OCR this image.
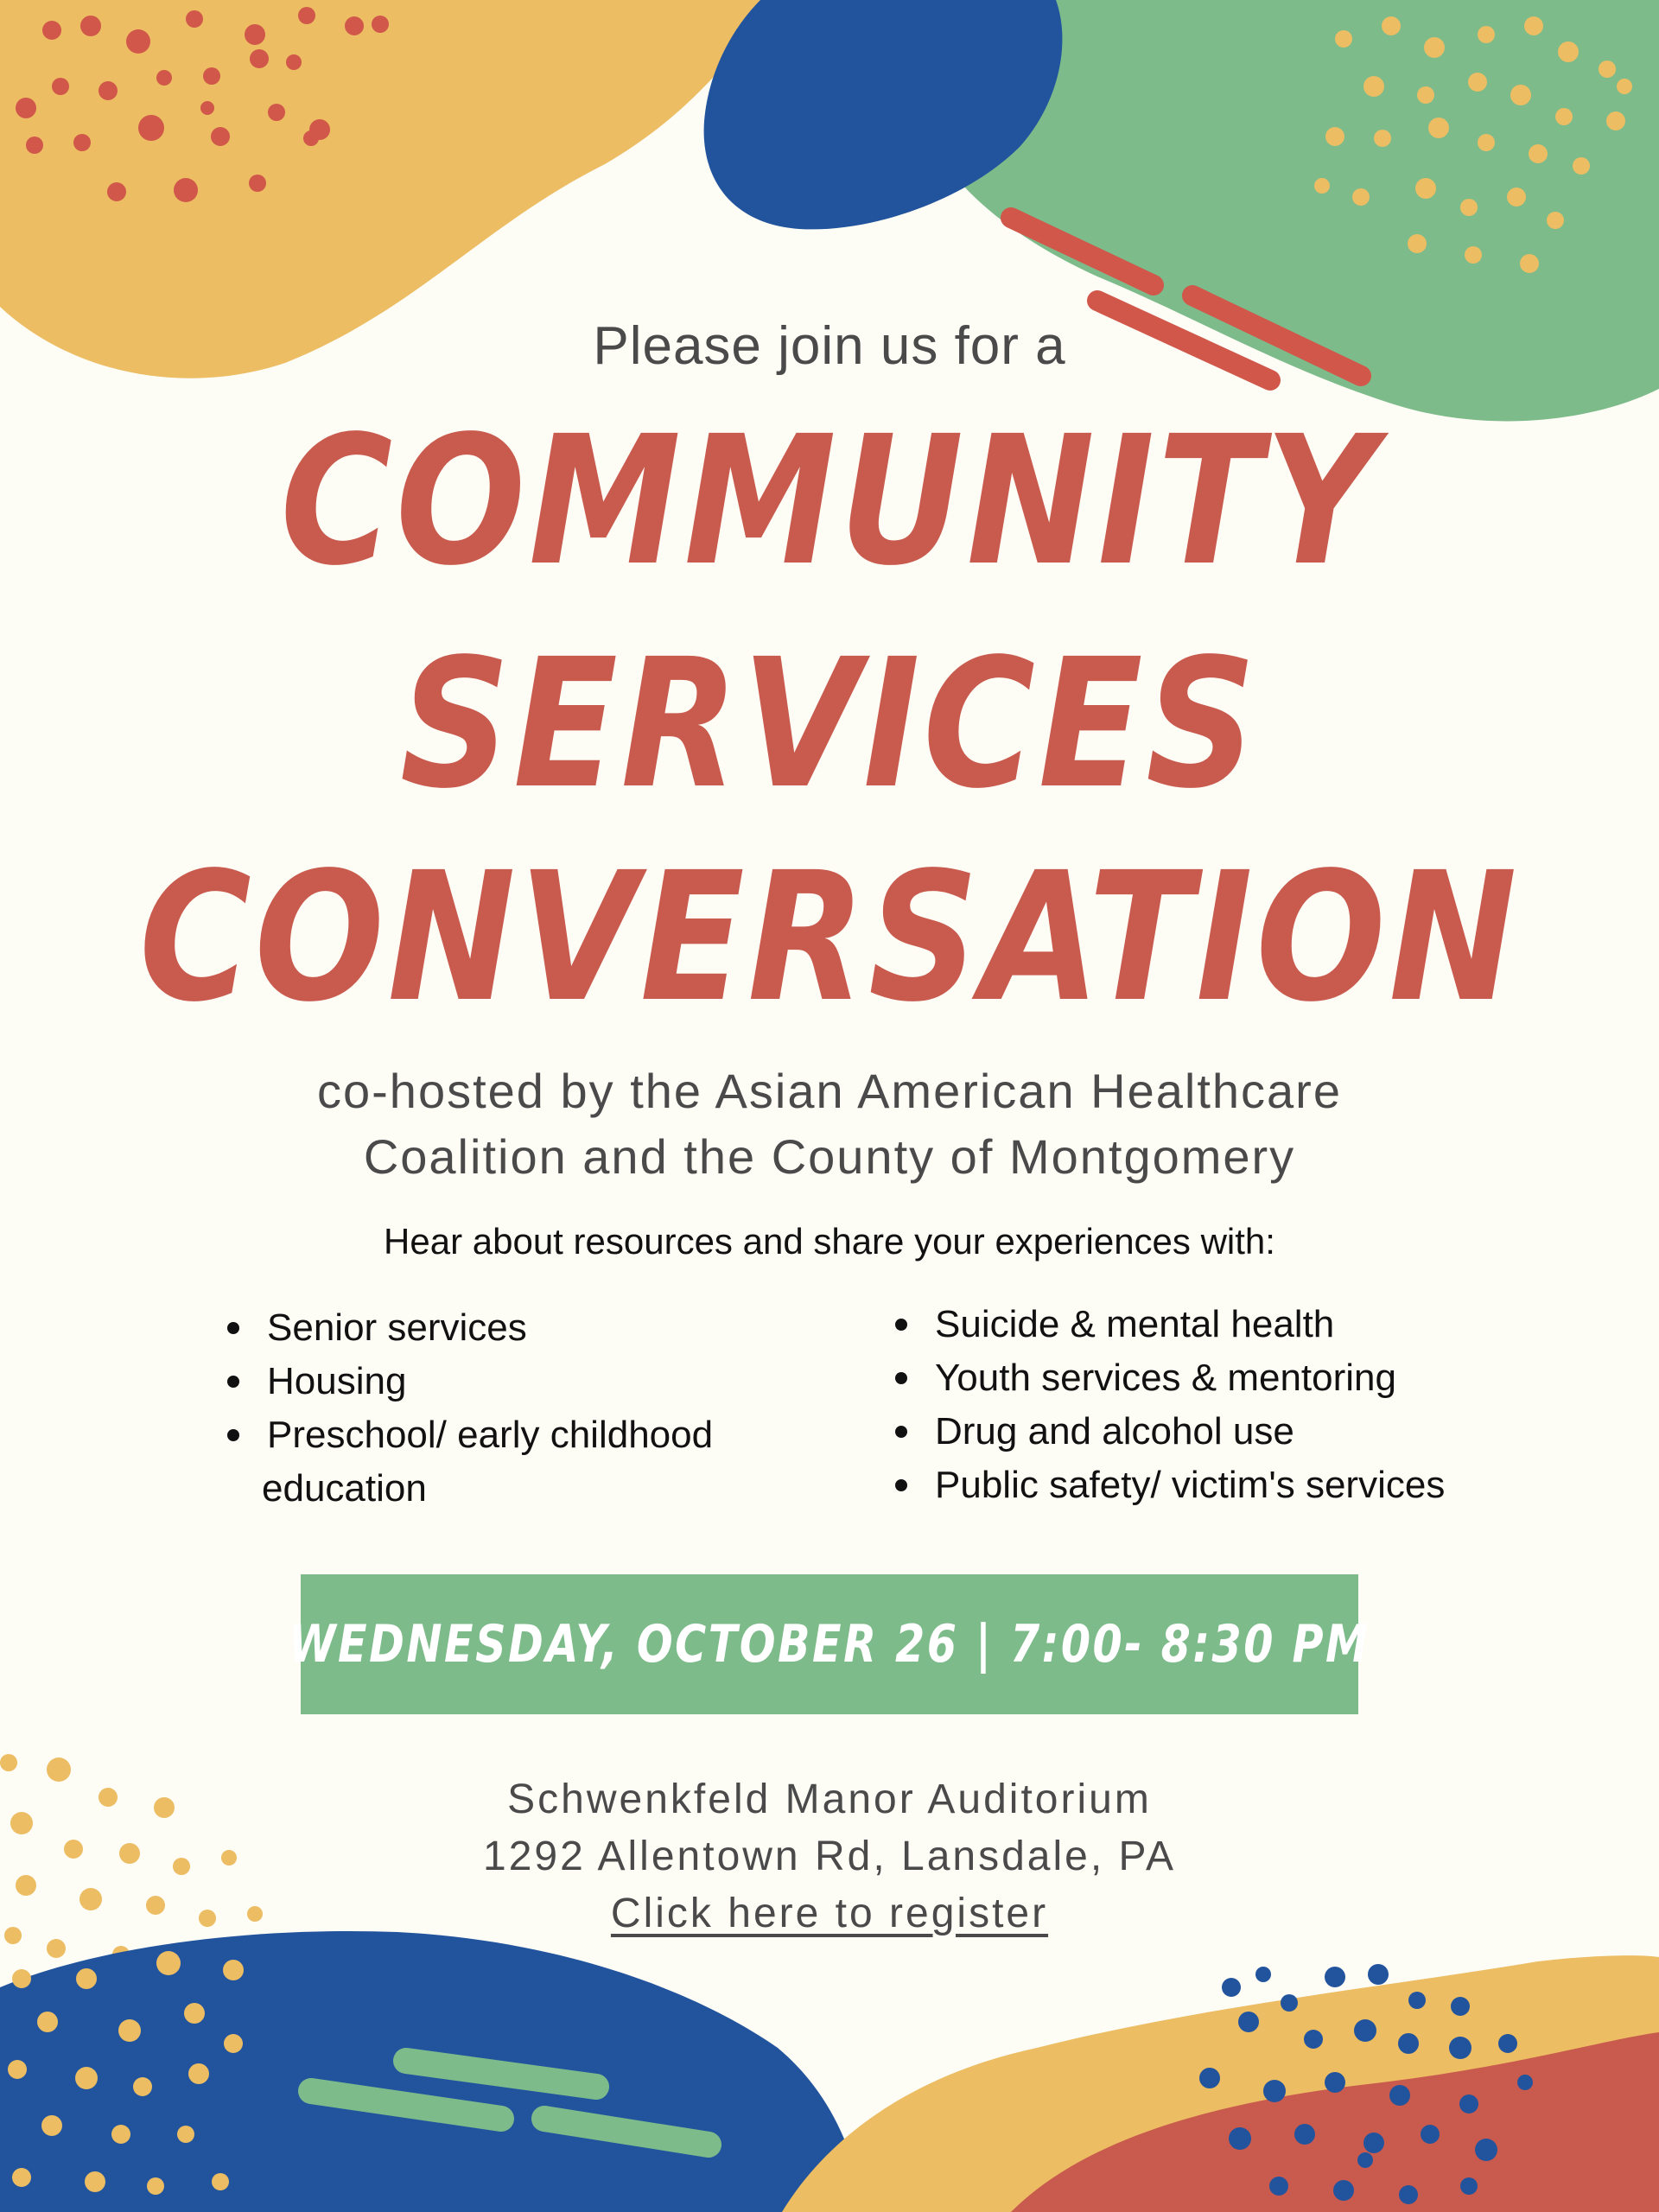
Please join us for a
COMMUNITY
SERVICES
CONVERSATION
co-hosted by the Asian American Healthcare
Coalition and the County of Montgomery
Hear about resources and share your experiences with:
Senior services
Housing
Preschool/ early childhood
education
Suicide & mental health
Youth services & mentoring
Drug and alcohol use
Public safety/ victim's services
WEDNESDAY, OCTOBER 26 | 7:00- 8:30 PM
Schwenkfeld Manor Auditorium
1292 Allentown Rd, Lansdale, PA
Click here to register
